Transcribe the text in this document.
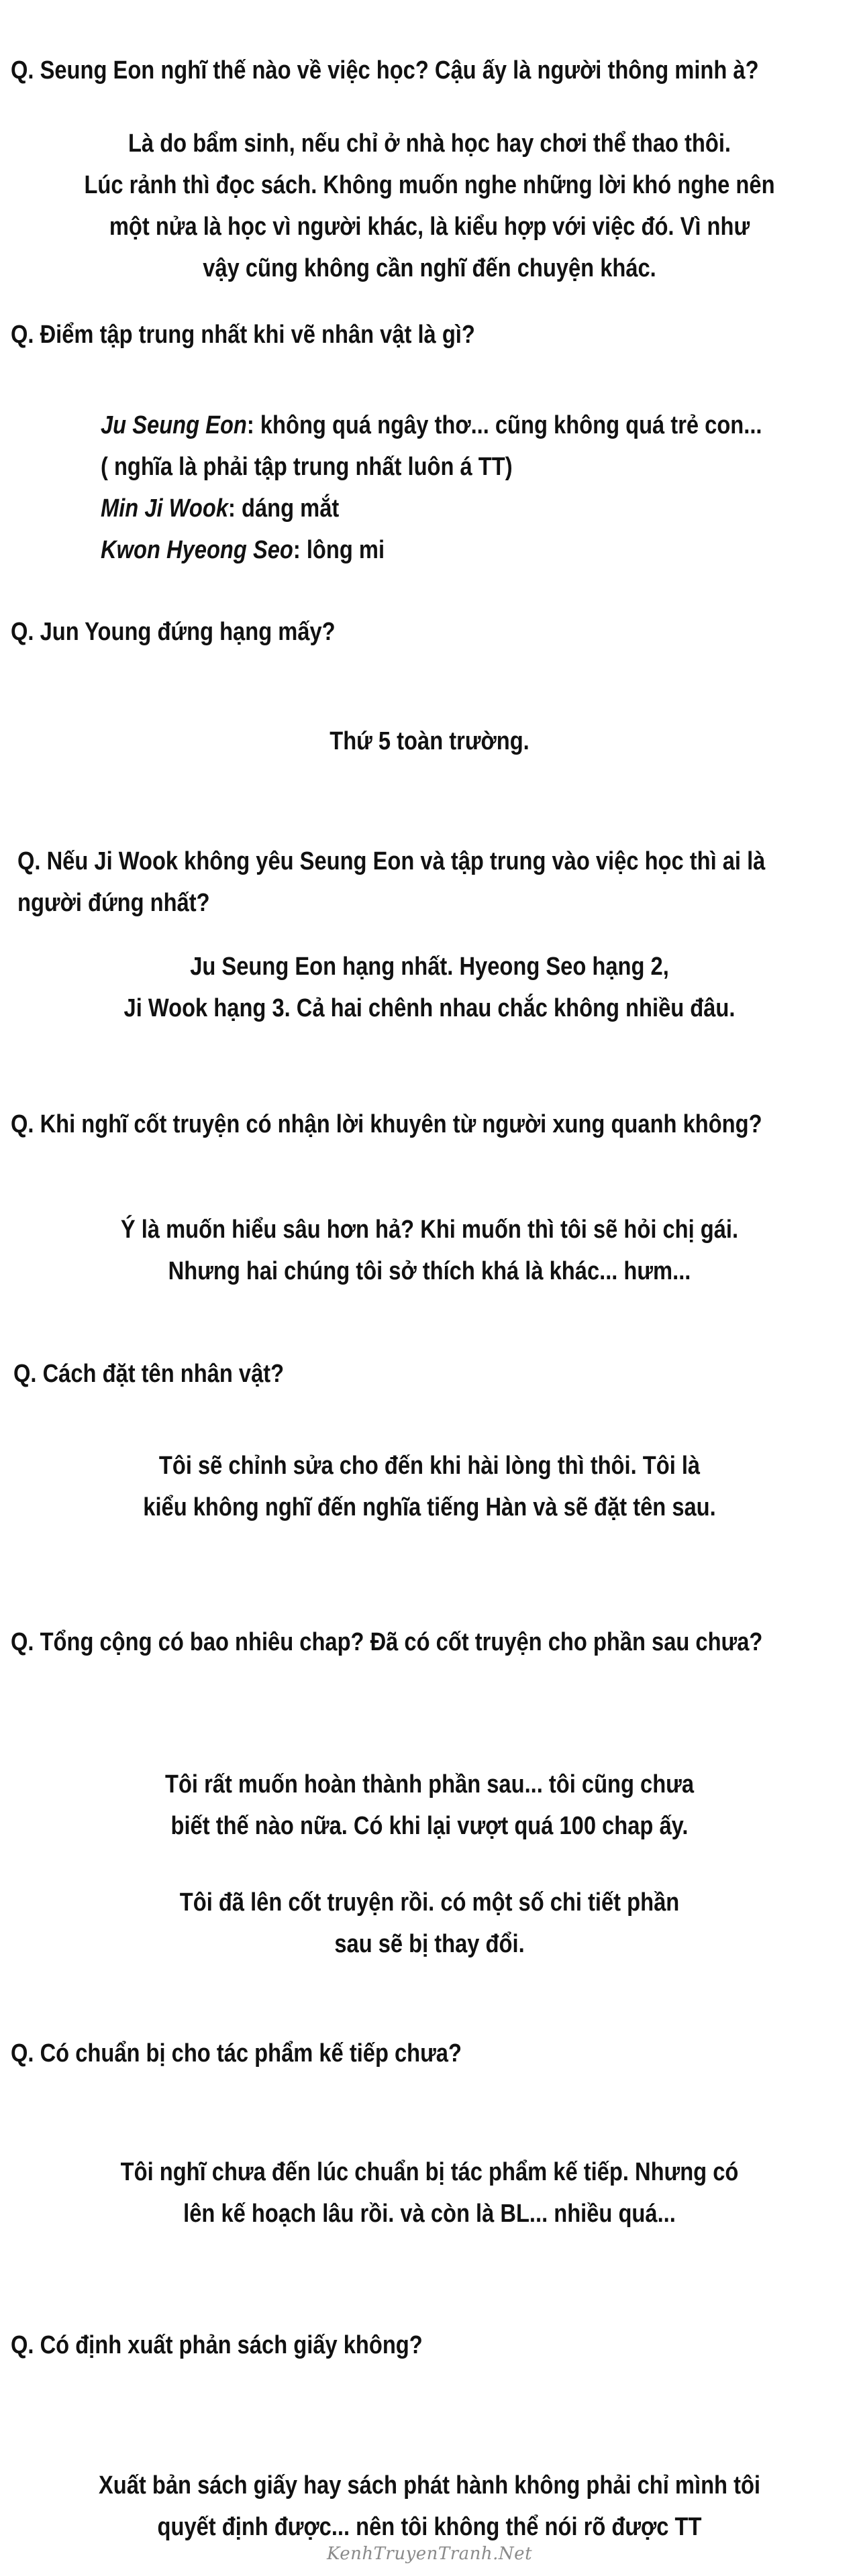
Q. Seung Eon nghĩ thế nào về việc học? Cậu ấy là người thông minh à?
Là do bẩm sinh, nếu chỉ ở nhà học hay chơi thể thao thôi.
Lúc rảnh thì đọc sách. Không muốn nghe những lời khó nghe nên
một nửa là học vì người khác, là kiểu hợp với việc đó. Vì như
vậy cũng không cần nghĩ đến chuyện khác.
Q. Điểm tập trung nhất khi vẽ nhân vật là gì?
Ju Seung Eon: không quá ngây thơ... cũng không quá trẻ con...
( nghĩa là phải tập trung nhất luôn á TT)
Min Ji Wook: dáng mắt
Kwon Hyeong Seo: lông mi
Q. Jun Young đứng hạng mấy?
Thứ 5 toàn trường.
Q. Nếu Ji Wook không yêu Seung Eon và tập trung vào việc học thì ai là người đứng nhất?
Ju Seung Eon hạng nhất. Hyeong Seo hạng 2,
Ji Wook hạng 3. Cả hai chênh nhau chắc không nhiều đâu.
Q. Khi nghĩ cốt truyện có nhận lời khuyên từ người xung quanh không?
Ý là muốn hiểu sâu hơn hả? Khi muốn thì tôi sẽ hỏi chị gái.
Nhưng hai chúng tôi sở thích khá là khác... hưm...
Q. Cách đặt tên nhân vật?
Tôi sẽ chỉnh sửa cho đến khi hài lòng thì thôi. Tôi là
kiểu không nghĩ đến nghĩa tiếng Hàn và sẽ đặt tên sau.
Q. Tổng cộng có bao nhiêu chap? Đã có cốt truyện cho phần sau chưa?
Tôi rất muốn hoàn thành phần sau... tôi cũng chưa
biết thế nào nữa. Có khi lại vượt quá 100 chap ấy.
Tôi đã lên cốt truyện rồi. có một số chi tiết phần
sau sẽ bị thay đổi.
Q. Có chuẩn bị cho tác phẩm kế tiếp chưa?
Tôi nghĩ chưa đến lúc chuẩn bị tác phẩm kế tiếp. Nhưng có
lên kế hoạch lâu rồi. và còn là BL... nhiều quá...
Q. Có định xuất phản sách giấy không?
Xuất bản sách giấy hay sách phát hành không phải chỉ mình tôi
quyết định được... nên tôi không thể nói rõ được TT
KenhTruyenTranh.Net
